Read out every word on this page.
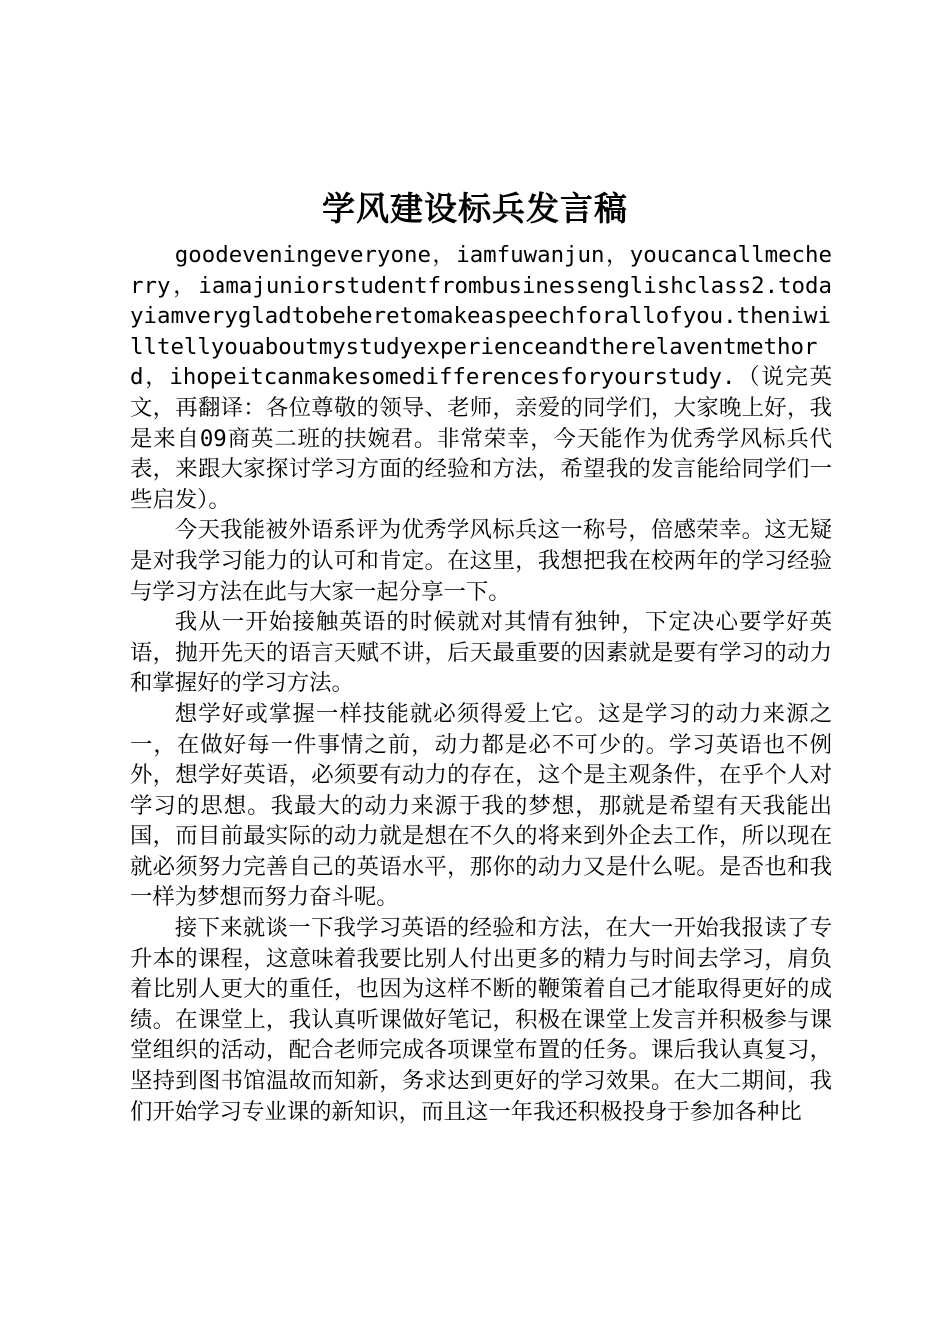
学风建设标兵发言稿

goodeveningeveryone，iamfuwanjun，youcancallmecherry，iamajuniorstudentfrombusinessenglishclass2.todayiamverygladtobeheretomakeaspeechforallofyou.theniwilltellyouaboutmystudyexperienceandtherelaventmethord，ihopeitcanmakesomedifferencesforyourstudy.（说完英文，再翻译：各位尊敬的领导、老师，亲爱的同学们，大家晚上好，我是来自09商英二班的扶婉君。非常荣幸，今天能作为优秀学风标兵代表，来跟大家探讨学习方面的经验和方法，希望我的发言能给同学们一些启发）。

今天我能被外语系评为优秀学风标兵这一称号，倍感荣幸。这无疑是对我学习能力的认可和肯定。在这里，我想把我在校两年的学习经验与学习方法在此与大家一起分享一下。

我从一开始接触英语的时候就对其情有独钟，下定决心要学好英语，抛开先天的语言天赋不讲，后天最重要的因素就是要有学习的动力和掌握好的学习方法。

想学好或掌握一样技能就必须得爱上它。这是学习的动力来源之一，在做好每一件事情之前，动力都是必不可少的。学习英语也不例外，想学好英语，必须要有动力的存在，这个是主观条件，在乎个人对学习的思想。我最大的动力来源于我的梦想，那就是希望有天我能出国，而目前最实际的动力就是想在不久的将来到外企去工作，所以现在就必须努力完善自己的英语水平，那你的动力又是什么呢。是否也和我一样为梦想而努力奋斗呢。

接下来就谈一下我学习英语的经验和方法，在大一开始我报读了专升本的课程，这意味着我要比别人付出更多的精力与时间去学习，肩负着比别人更大的重任，也因为这样不断的鞭策着自己才能取得更好的成绩。在课堂上，我认真听课做好笔记，积极在课堂上发言并积极参与课堂组织的活动，配合老师完成各项课堂布置的任务。课后我认真复习，坚持到图书馆温故而知新，务求达到更好的学习效果。在大二期间，我们开始学习专业课的新知识，而且这一年我还积极投身于参加各种比
